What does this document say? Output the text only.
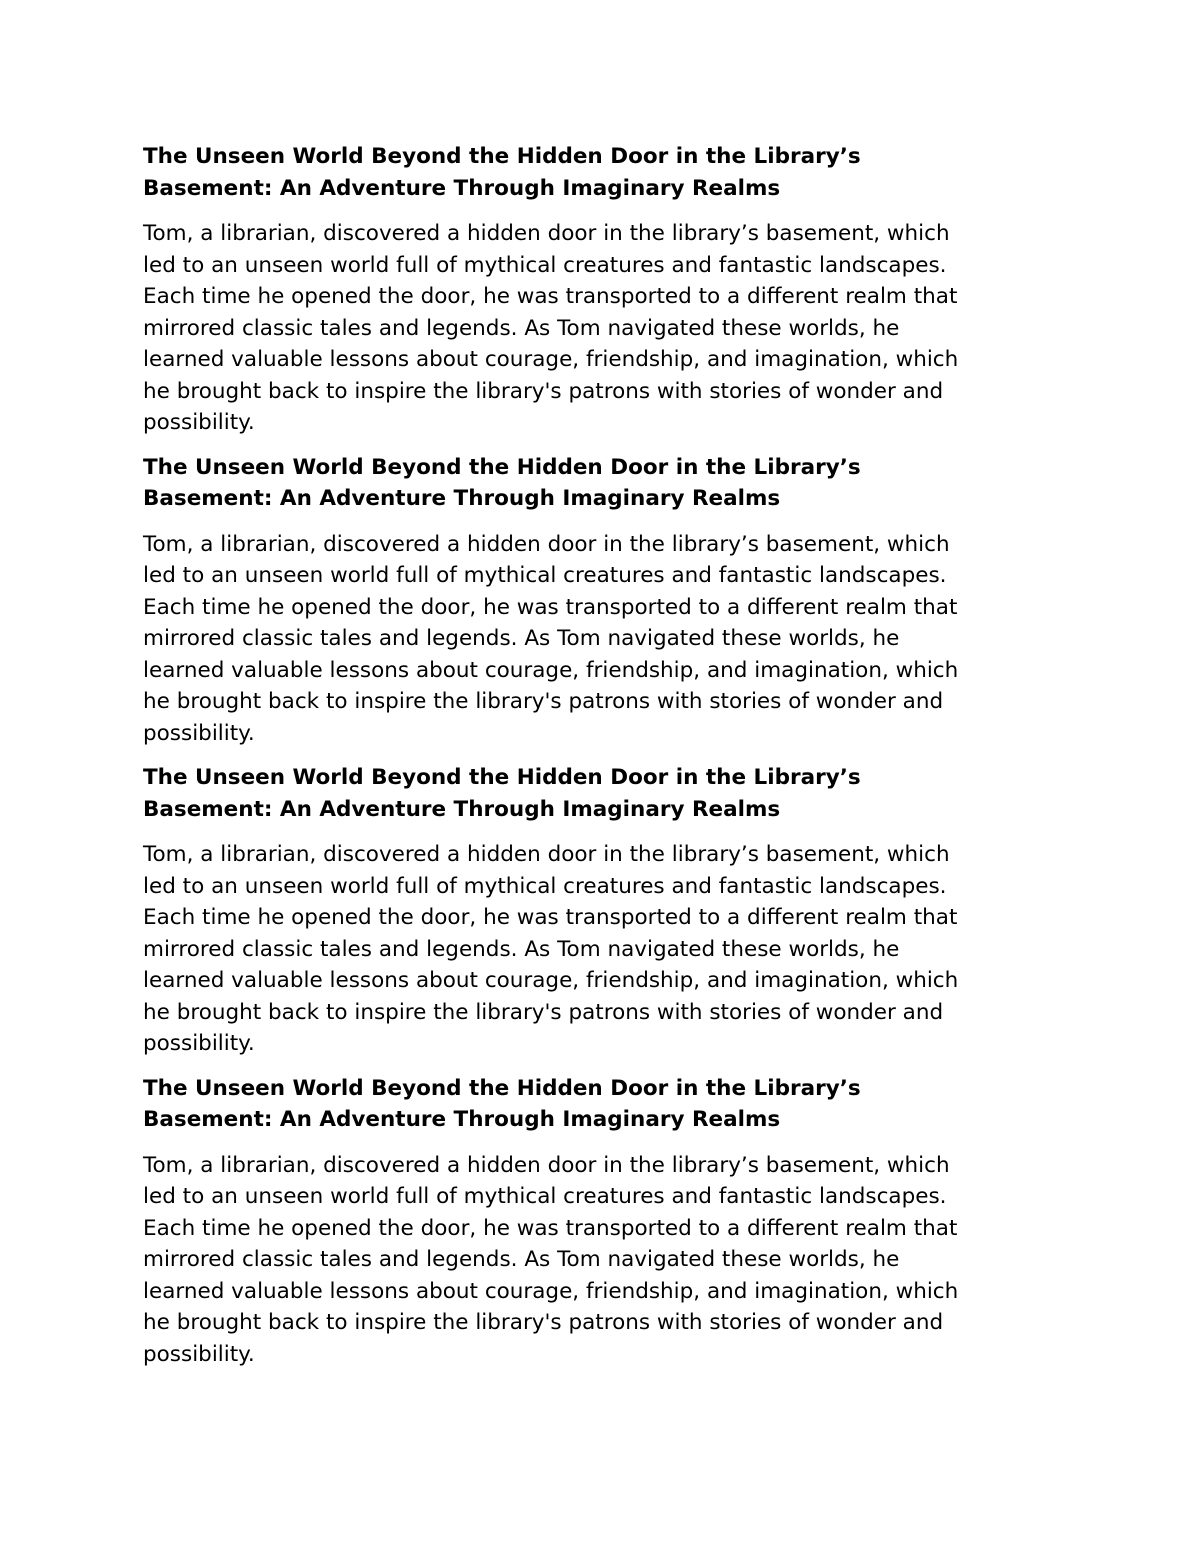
The Unseen World Beyond the Hidden Door in the Library’s
Basement: An Adventure Through Imaginary Realms

Tom, a librarian, discovered a hidden door in the library’s basement, which
led to an unseen world full of mythical creatures and fantastic landscapes.
Each time he opened the door, he was transported to a different realm that
mirrored classic tales and legends. As Tom navigated these worlds, he
learned valuable lessons about courage, friendship, and imagination, which
he brought back to inspire the library's patrons with stories of wonder and
possibility.

The Unseen World Beyond the Hidden Door in the Library’s
Basement: An Adventure Through Imaginary Realms

Tom, a librarian, discovered a hidden door in the library’s basement, which
led to an unseen world full of mythical creatures and fantastic landscapes.
Each time he opened the door, he was transported to a different realm that
mirrored classic tales and legends. As Tom navigated these worlds, he
learned valuable lessons about courage, friendship, and imagination, which
he brought back to inspire the library's patrons with stories of wonder and
possibility.

The Unseen World Beyond the Hidden Door in the Library’s
Basement: An Adventure Through Imaginary Realms

Tom, a librarian, discovered a hidden door in the library’s basement, which
led to an unseen world full of mythical creatures and fantastic landscapes.
Each time he opened the door, he was transported to a different realm that
mirrored classic tales and legends. As Tom navigated these worlds, he
learned valuable lessons about courage, friendship, and imagination, which
he brought back to inspire the library's patrons with stories of wonder and
possibility.

The Unseen World Beyond the Hidden Door in the Library’s
Basement: An Adventure Through Imaginary Realms

Tom, a librarian, discovered a hidden door in the library’s basement, which
led to an unseen world full of mythical creatures and fantastic landscapes.
Each time he opened the door, he was transported to a different realm that
mirrored classic tales and legends. As Tom navigated these worlds, he
learned valuable lessons about courage, friendship, and imagination, which
he brought back to inspire the library's patrons with stories of wonder and
possibility.
